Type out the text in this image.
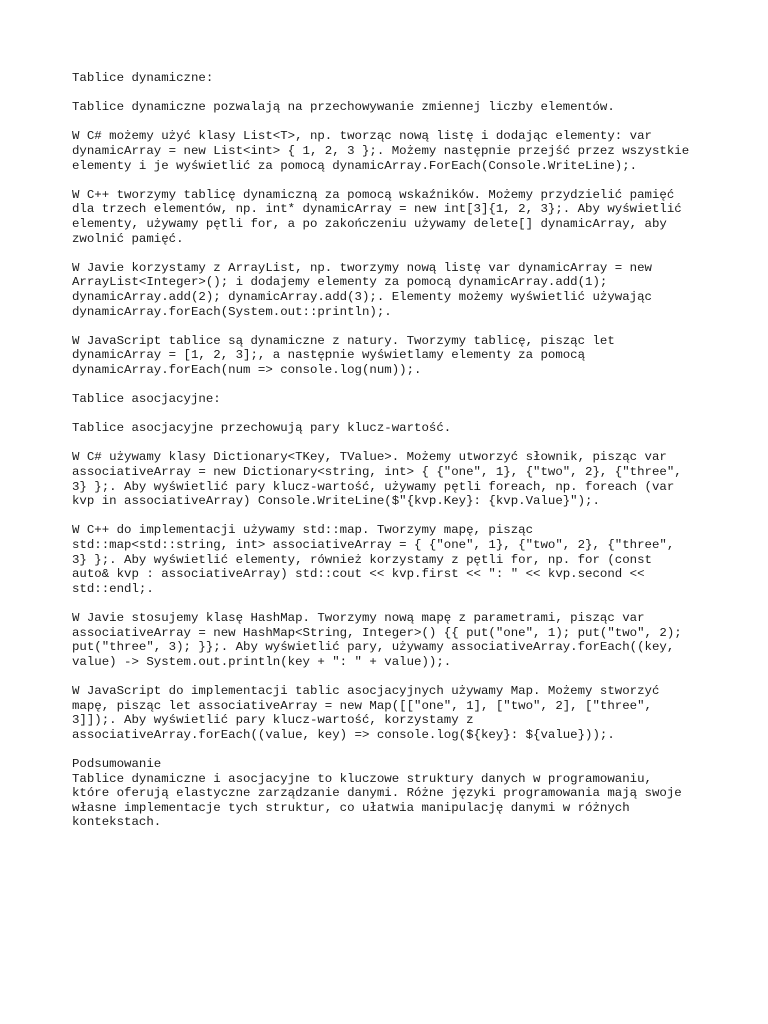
Tablice dynamiczne:

Tablice dynamiczne pozwalają na przechowywanie zmiennej liczby elementów.

W C# możemy użyć klasy List<T>, np. tworząc nową listę i dodając elementy: var
dynamicArray = new List<int> { 1, 2, 3 };. Możemy następnie przejść przez wszystkie
elementy i je wyświetlić za pomocą dynamicArray.ForEach(Console.WriteLine);.

W C++ tworzymy tablicę dynamiczną za pomocą wskaźników. Możemy przydzielić pamięć
dla trzech elementów, np. int* dynamicArray = new int[3]{1, 2, 3};. Aby wyświetlić
elementy, używamy pętli for, a po zakończeniu używamy delete[] dynamicArray, aby
zwolnić pamięć.

W Javie korzystamy z ArrayList, np. tworzymy nową listę var dynamicArray = new
ArrayList<Integer>(); i dodajemy elementy za pomocą dynamicArray.add(1);
dynamicArray.add(2); dynamicArray.add(3);. Elementy możemy wyświetlić używając
dynamicArray.forEach(System.out::println);.

W JavaScript tablice są dynamiczne z natury. Tworzymy tablicę, pisząc let
dynamicArray = [1, 2, 3];, a następnie wyświetlamy elementy za pomocą
dynamicArray.forEach(num => console.log(num));.

Tablice asocjacyjne:

Tablice asocjacyjne przechowują pary klucz-wartość.

W C# używamy klasy Dictionary<TKey, TValue>. Możemy utworzyć słownik, pisząc var
associativeArray = new Dictionary<string, int> { {"one", 1}, {"two", 2}, {"three",
3} };. Aby wyświetlić pary klucz-wartość, używamy pętli foreach, np. foreach (var
kvp in associativeArray) Console.WriteLine($"{kvp.Key}: {kvp.Value}");.

W C++ do implementacji używamy std::map. Tworzymy mapę, pisząc
std::map<std::string, int> associativeArray = { {"one", 1}, {"two", 2}, {"three",
3} };. Aby wyświetlić elementy, również korzystamy z pętli for, np. for (const
auto& kvp : associativeArray) std::cout << kvp.first << ": " << kvp.second <<
std::endl;.

W Javie stosujemy klasę HashMap. Tworzymy nową mapę z parametrami, pisząc var
associativeArray = new HashMap<String, Integer>() {{ put("one", 1); put("two", 2);
put("three", 3); }};. Aby wyświetlić pary, używamy associativeArray.forEach((key,
value) -> System.out.println(key + ": " + value));.

W JavaScript do implementacji tablic asocjacyjnych używamy Map. Możemy stworzyć
mapę, pisząc let associativeArray = new Map([["one", 1], ["two", 2], ["three",
3]]);. Aby wyświetlić pary klucz-wartość, korzystamy z
associativeArray.forEach((value, key) => console.log(${key}: ${value}));.

Podsumowanie
Tablice dynamiczne i asocjacyjne to kluczowe struktury danych w programowaniu,
które oferują elastyczne zarządzanie danymi. Różne języki programowania mają swoje
własne implementacje tych struktur, co ułatwia manipulację danymi w różnych
kontekstach.
